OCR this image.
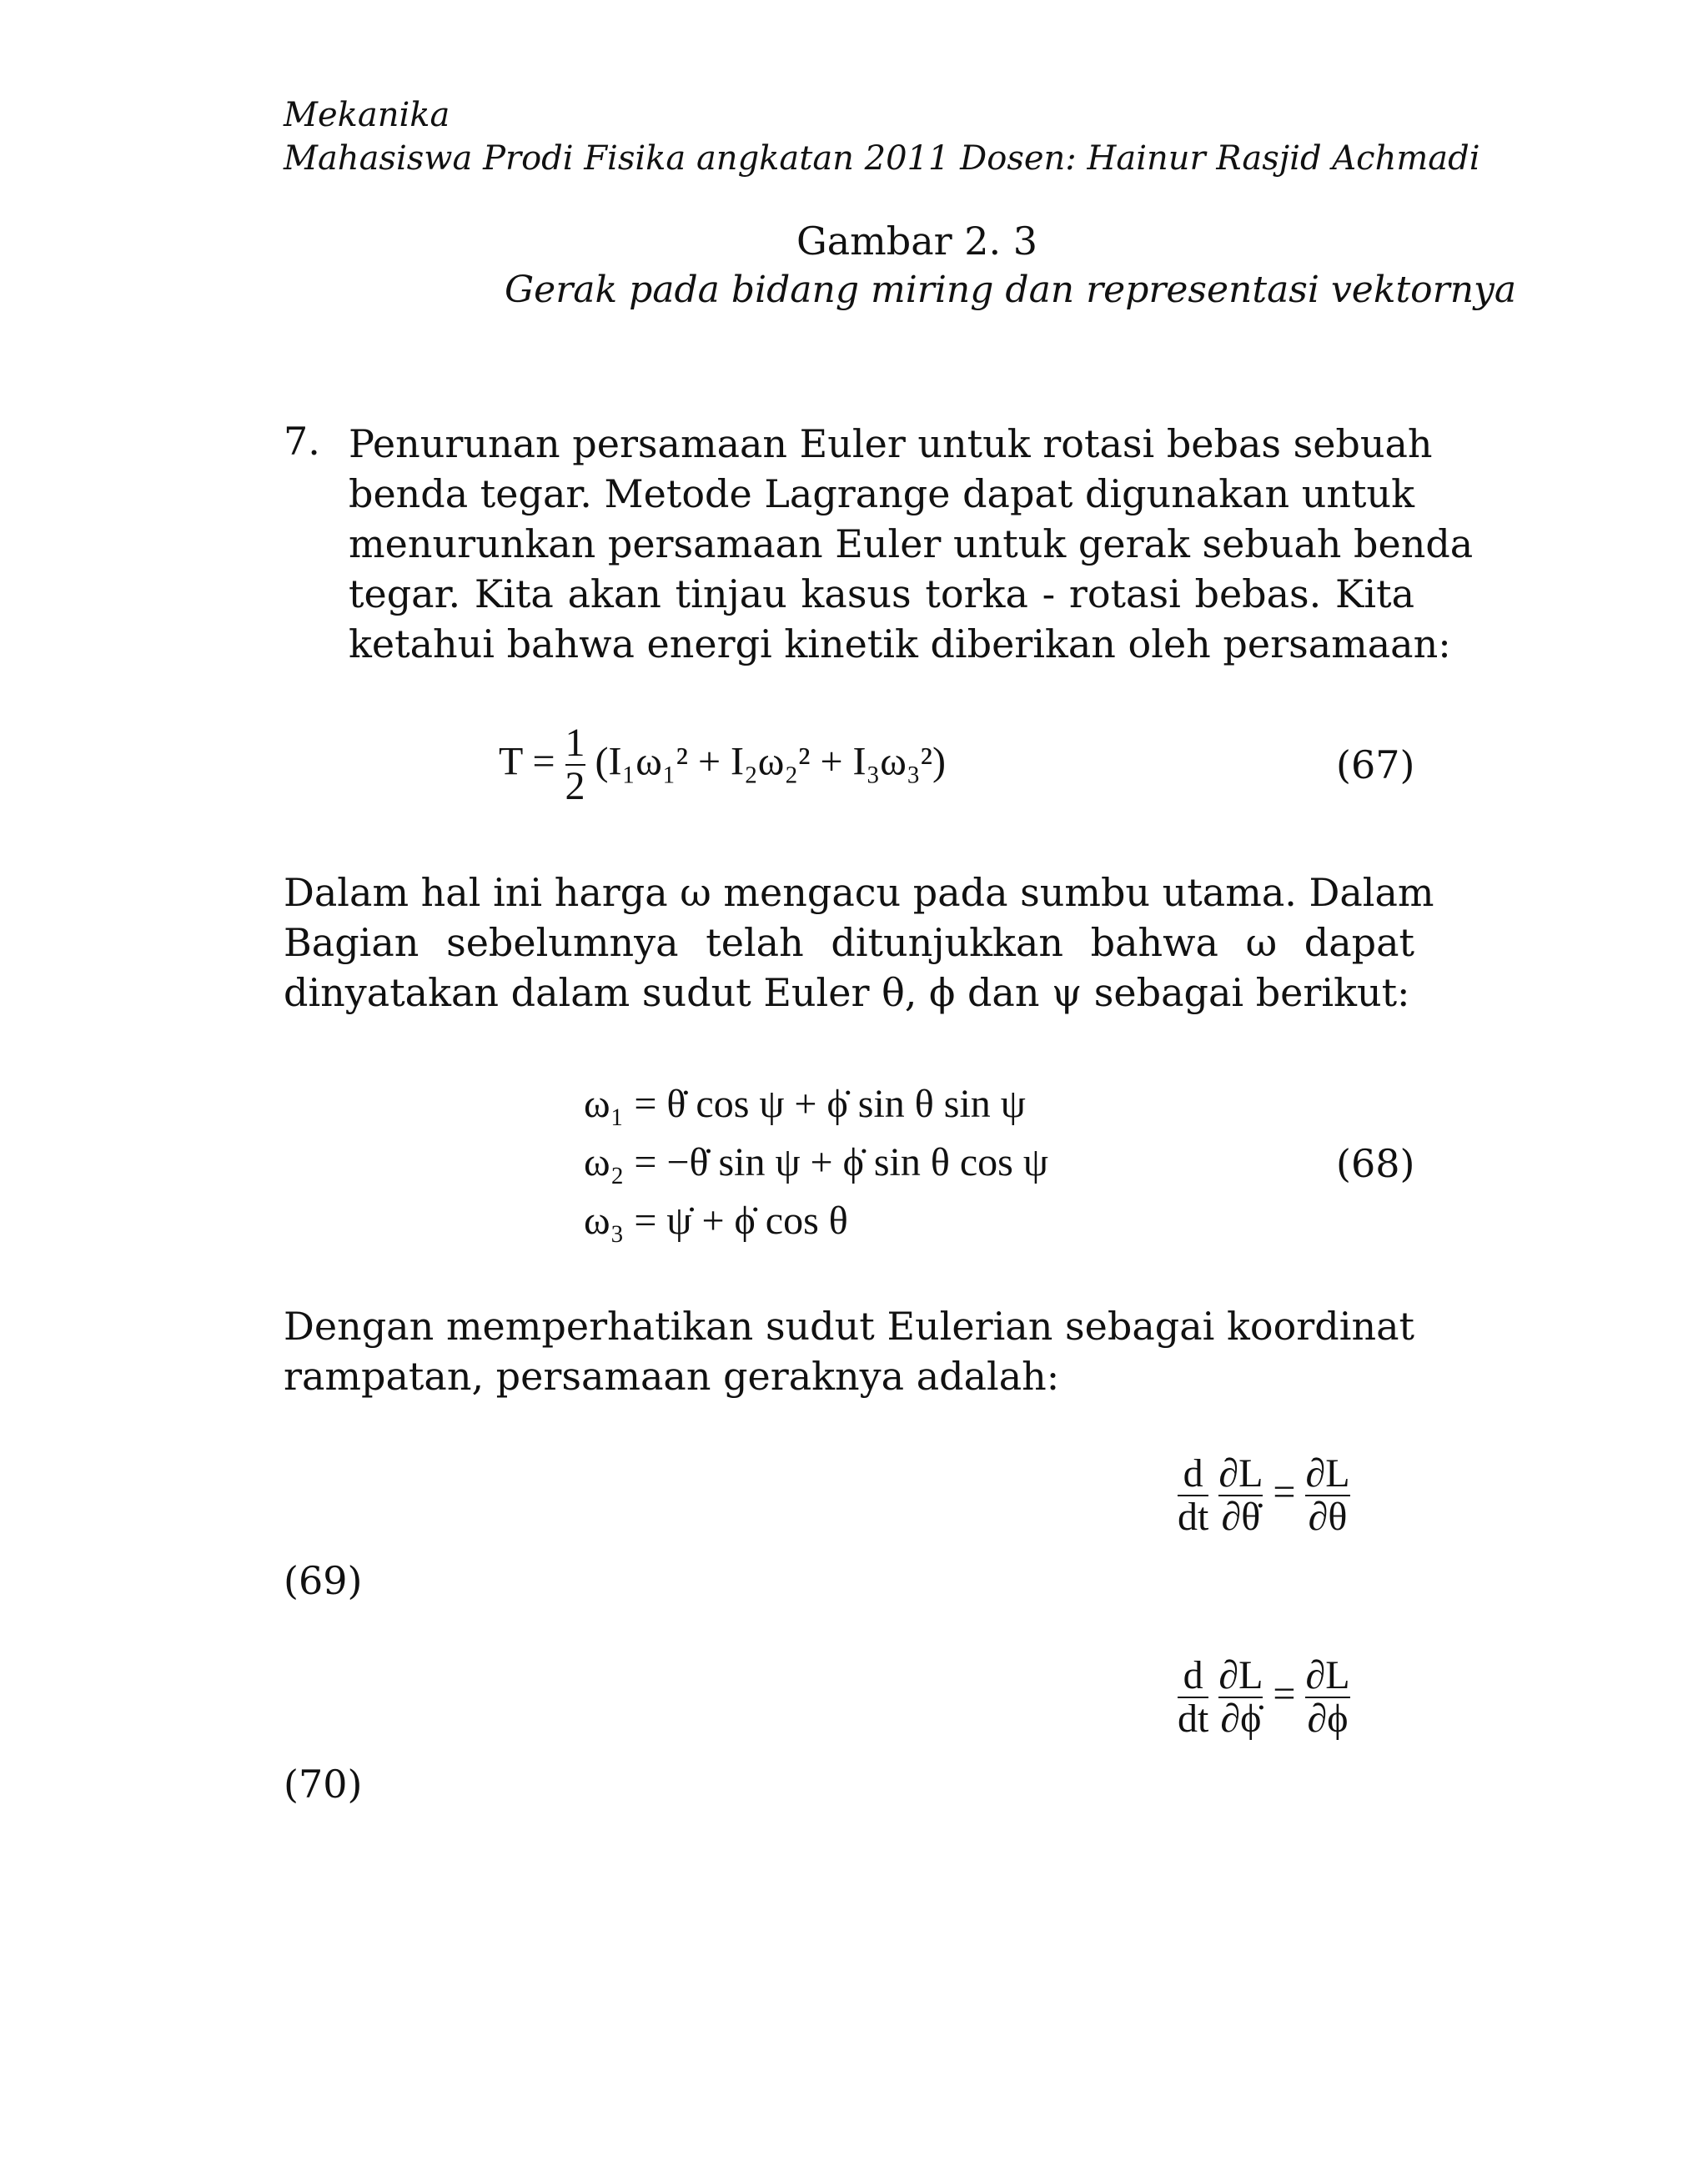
Mekanika
Mahasiswa Prodi Fisika angkatan 2011 Dosen: Hainur Rasjid Achmadi
Gambar 2. 3
Gerak pada bidang miring dan representasi vektornya
7. Penurunan persamaan Euler untuk rotasi bebas sebuah
benda tegar. Metode Lagrange dapat digunakan untuk
menurunkan persamaan Euler untuk gerak sebuah benda
tegar. Kita akan tinjau kasus torka - rotasi bebas. Kita
ketahui bahwa energi kinetik diberikan oleh persamaan:
$T = \frac{1}{2} (I_1\omega_1^2 + I_2\omega_2^2 + I_3\omega_3^2)$	(67)
Dalam hal ini harga ω mengacu pada sumbu utama. Dalam
Bagian sebelumnya telah ditunjukkan bahwa ω dapat
dinyatakan dalam sudut Euler θ, ϕ dan ψ sebagai berikut:
ω₁ = θ̇ cos ψ + ϕ̇ sin θ sin ψ
ω₂ = −θ̇ sin ψ + ϕ̇ sin θ cos ψ
ω₃ = ψ̇ + ϕ̇ cos θ
(68)
Dengan memperhatikan sudut Eulerian sebagai koordinat
rampatan, persamaan geraknya adalah:
$\frac{d}{dt}$
$\frac{\partial L}{\partial\thetȧ} = \frac{\partial L}{\partial\theta}$
(69)
$\frac{d}{dt}$
$\frac{\partial L}{\partial\phi̇} = \frac{\partial L}{\partial\phi}$
(70)
